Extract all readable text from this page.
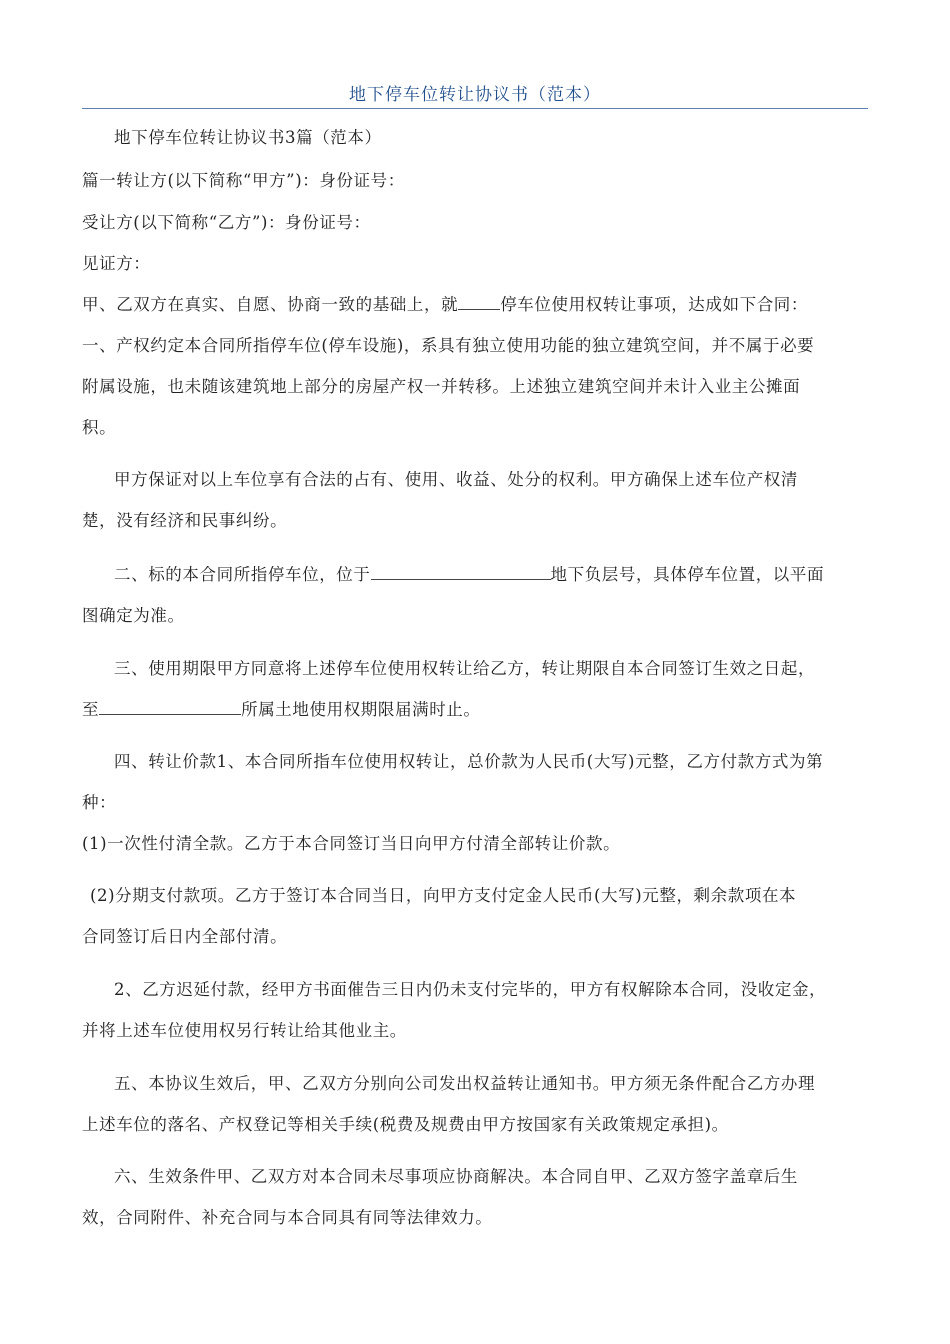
地下停车位转让协议书（范本）
地下停车位转让协议书3篇（范本）
篇一转让方(以下简称“甲方”)：身份证号：
受让方(以下简称“乙方”)：身份证号：
见证方：
甲、乙双方在真实、自愿、协商一致的基础上，就	停车位使用权转让事项，达成如下合同：
一、产权约定本合同所指停车位(停车设施)，系具有独立使用功能的独立建筑空间，并不属于必要
附属设施，也未随该建筑地上部分的房屋产权一并转移。上述独立建筑空间并未计入业主公摊面
积。
甲方保证对以上车位享有合法的占有、使用、收益、处分的权利。甲方确保上述车位产权清
楚，没有经济和民事纠纷。
二、标的本合同所指停车位，位于	地下负层号，具体停车位置，以平面
图确定为准。
三、使用期限甲方同意将上述停车位使用权转让给乙方，转让期限自本合同签订生效之日起，
至	所属土地使用权期限届满时止。
四、转让价款1、本合同所指车位使用权转让，总价款为人民币(大写)元整，乙方付款方式为第
种：
(1)一次性付清全款。乙方于本合同签订当日向甲方付清全部转让价款。
(2)分期支付款项。乙方于签订本合同当日，向甲方支付定金人民币(大写)元整，剩余款项在本
合同签订后日内全部付清。
2、乙方迟延付款，经甲方书面催告三日内仍未支付完毕的，甲方有权解除本合同，没收定金，
并将上述车位使用权另行转让给其他业主。
五、本协议生效后，甲、乙双方分别向公司发出权益转让通知书。甲方须无条件配合乙方办理
上述车位的落名、产权登记等相关手续(税费及规费由甲方按国家有关政策规定承担)。
六、生效条件甲、乙双方对本合同未尽事项应协商解决。本合同自甲、乙双方签字盖章后生
效，合同附件、补充合同与本合同具有同等法律效力。
